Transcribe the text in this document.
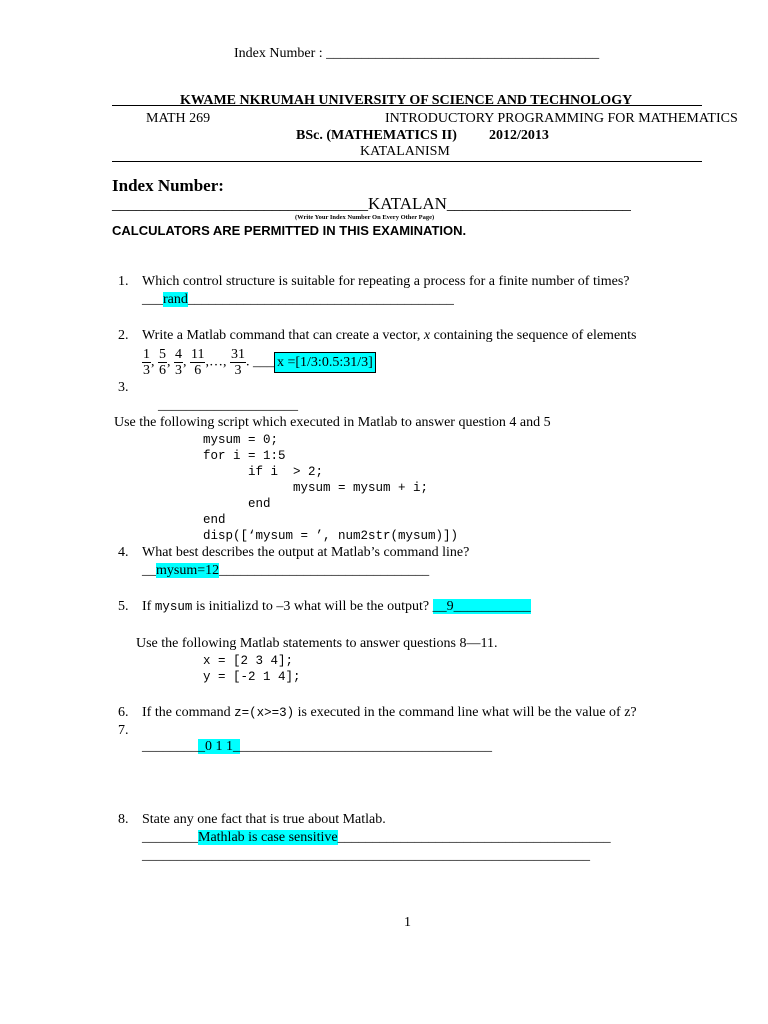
Index Number : _______________________________________
KWAME NKRUMAH UNIVERSITY OF SCIENCE AND TECHNOLOGY
MATH 269	INTRODUCTORY PROGRAMMING FOR MATHEMATICS
BSc. (MATHEMATICS II) 2012/2013
KATALANISM
Index Number:
________________________________KATALAN_______________________
(Write Your Index Number On Every Other Page)
CALCULATORS ARE PERMITTED IN THIS EXAMINATION.
1. Which control structure is suitable for repeating a process for a finite number of times?
___rand______________________________________
2. Write a Matlab command that can create a vector, x containing the sequence of elements
$\frac{1}{3}$ , $\frac{5}{6}$ , $\frac{4}{3}$ , $\frac{11}{6}$ ,…, $\frac{31}{3}$ . ___ x =[1/3:0.5:31/3]
3.
____________________
Use the following script which executed in Matlab to answer question 4 and 5
mysum = 0;
for i = 1:5
if i  > 2;
mysum = mysum + i;
end
end
disp([‘mysum = ’, num2str(mysum)])
4. What best describes the output at Matlab’s command line?
__mysum=12______________________________
5. If mysum is initializd to –3 what will be the output? __9___________
Use the following Matlab statements to answer questions 8—11.
x = [2 3 4];
y = [-2 1 4];
6. If the command z=(x>=3) is executed in the command line what will be the value of z?
7.
_________0 1 1_____________________________________
8. State any one fact that is true about Matlab.
________Mathlab is case sensitive_______________________________________
________________________________________________________________
1
